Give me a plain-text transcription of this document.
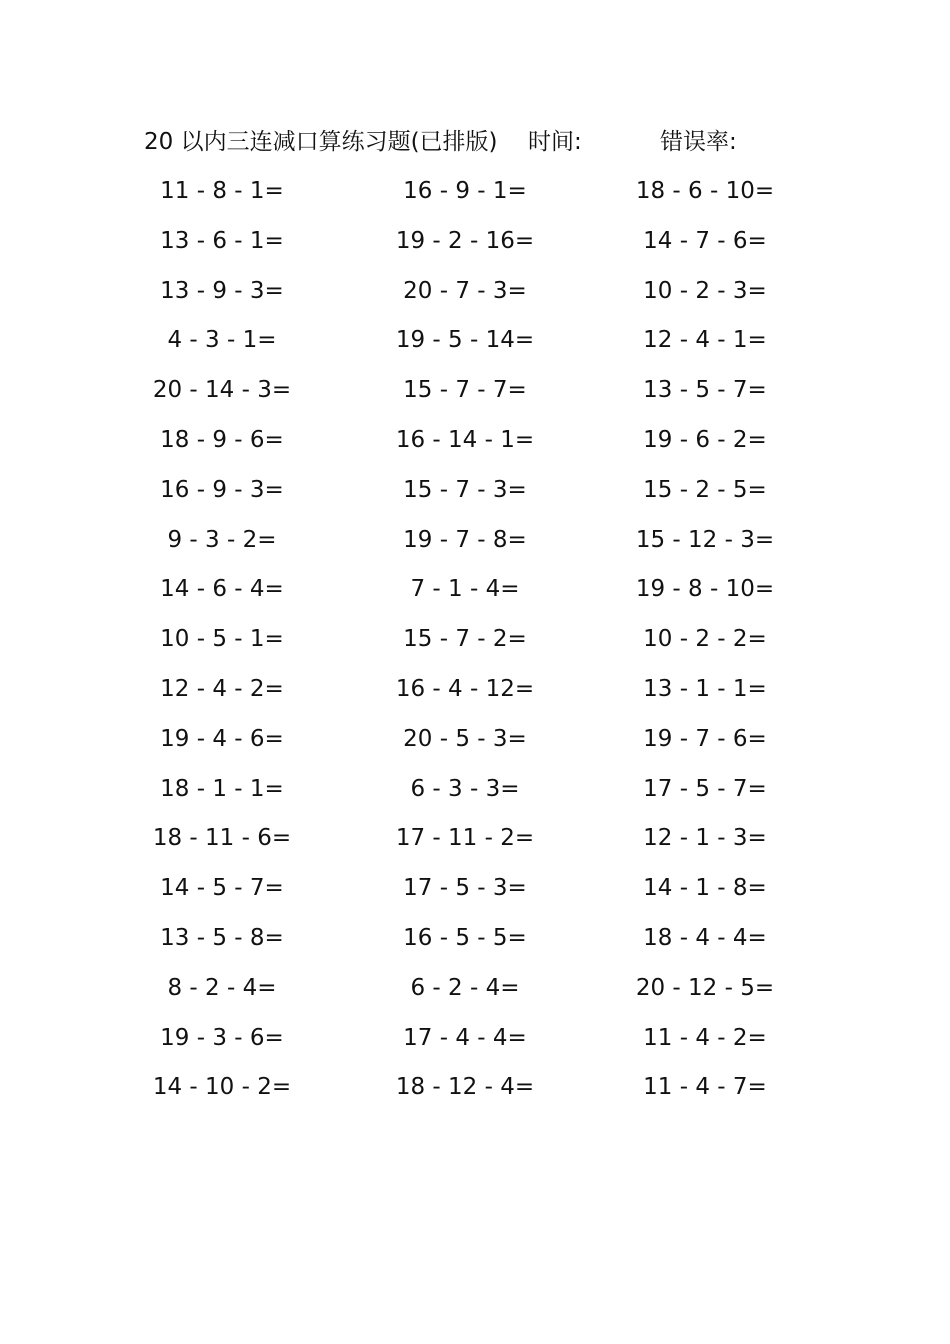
20 以内三连减口算练习题(已排版) 时间:	错误率:
11 - 8 - 1=	16 - 9 - 1=	18 - 6 - 10=
13 - 6 - 1=	19 - 2 - 16=	14 - 7 - 6=
13 - 9 - 3=	20 - 7 - 3=	10 - 2 - 3=
4 - 3 - 1=	19 - 5 - 14=	12 - 4 - 1=
20 - 14 - 3=	15 - 7 - 7=	13 - 5 - 7=
18 - 9 - 6=	16 - 14 - 1=	19 - 6 - 2=
16 - 9 - 3=	15 - 7 - 3=	15 - 2 - 5=
9 - 3 - 2=	19 - 7 - 8=	15 - 12 - 3=
14 - 6 - 4=	7 - 1 - 4=	19 - 8 - 10=
10 - 5 - 1=	15 - 7 - 2=	10 - 2 - 2=
12 - 4 - 2=	16 - 4 - 12=	13 - 1 - 1=
19 - 4 - 6=	20 - 5 - 3=	19 - 7 - 6=
18 - 1 - 1=	6 - 3 - 3=	17 - 5 - 7=
18 - 11 - 6=	17 - 11 - 2=	12 - 1 - 3=
14 - 5 - 7=	17 - 5 - 3=	14 - 1 - 8=
13 - 5 - 8=	16 - 5 - 5=	18 - 4 - 4=
8 - 2 - 4=	6 - 2 - 4=	20 - 12 - 5=
19 - 3 - 6=	17 - 4 - 4=	11 - 4 - 2=
14 - 10 - 2=	18 - 12 - 4=	11 - 4 - 7=
